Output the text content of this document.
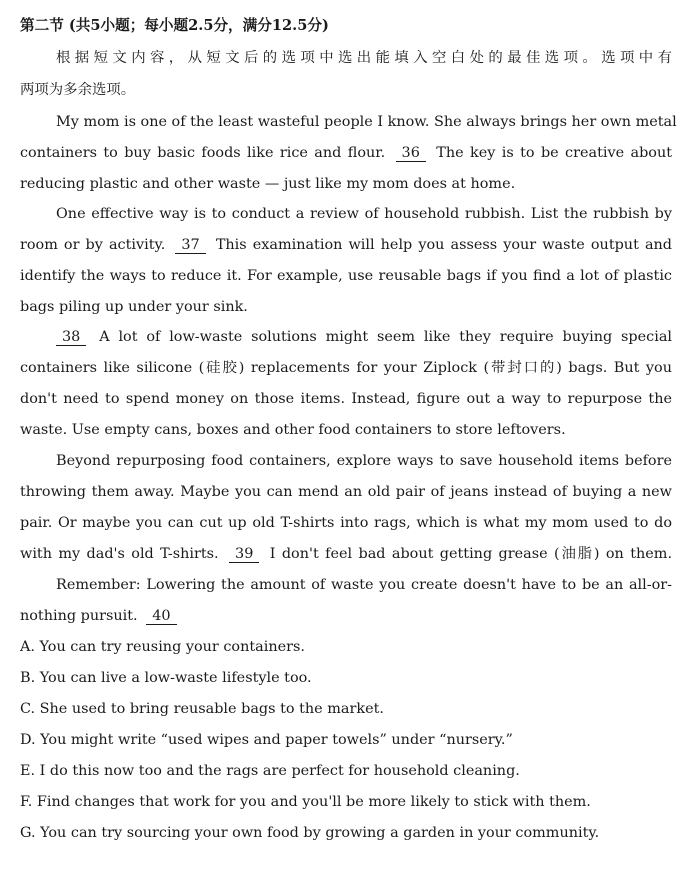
第二节 (共5小题；每小题2.5分，满分12.5分)
根据短文内容，从短文后的选项中选出能填入空白处的最佳选项。选项中有
两项为多余选项。
My mom is one of the least wasteful people I know. She always brings her own metal
containers to buy basic foods like rice and flour. 36 The key is to be creative about
reducing plastic and other waste — just like my mom does at home.
One effective way is to conduct a review of household rubbish. List the rubbish by
room or by activity. 37 This examination will help you assess your waste output and
identify the ways to reduce it. For example, use reusable bags if you find a lot of plastic
bags piling up under your sink.
38 A lot of low-waste solutions might seem like they require buying special
containers like silicone (硅胶) replacements for your Ziplock (带封口的) bags. But you
don't need to spend money on those items. Instead, figure out a way to repurpose the
waste. Use empty cans, boxes and other food containers to store leftovers.
Beyond repurposing food containers, explore ways to save household items before
throwing them away. Maybe you can mend an old pair of jeans instead of buying a new
pair. Or maybe you can cut up old T-shirts into rags, which is what my mom used to do
with my dad's old T-shirts. 39 I don't feel bad about getting grease (油脂) on them.
Remember: Lowering the amount of waste you create doesn't have to be an all-or-
nothing pursuit. 40
A. You can try reusing your containers.
B. You can live a low-waste lifestyle too.
C. She used to bring reusable bags to the market.
D. You might write “used wipes and paper towels” under “nursery.”
E. I do this now too and the rags are perfect for household cleaning.
F. Find changes that work for you and you'll be more likely to stick with them.
G. You can try sourcing your own food by growing a garden in your community.
